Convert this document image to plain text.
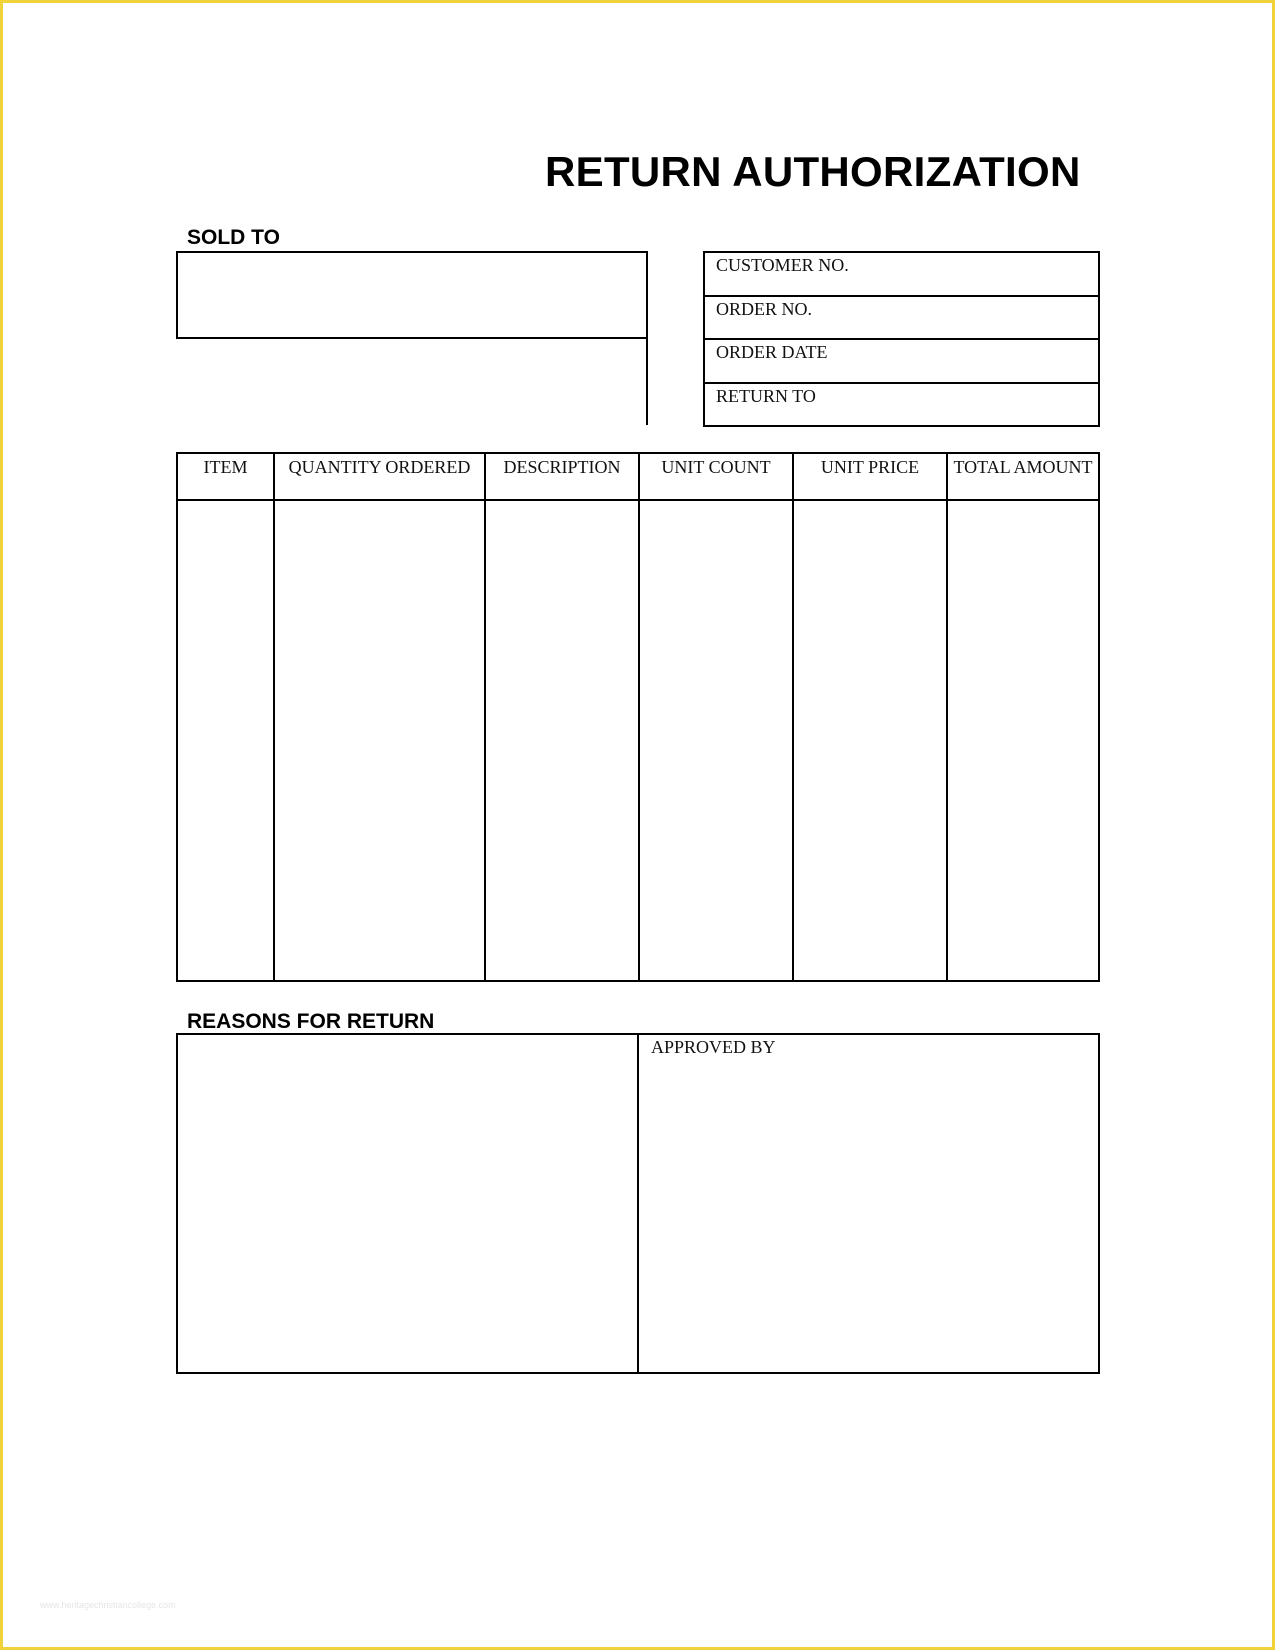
RETURN AUTHORIZATION
SOLD TO
CUSTOMER NO.
ORDER NO.
ORDER DATE
RETURN TO
ITEM	QUANTITY ORDERED	DESCRIPTION	UNIT COUNT	UNIT PRICE	TOTAL AMOUNT
REASONS FOR RETURN
APPROVED BY
www.heritagechristiancollege.com
